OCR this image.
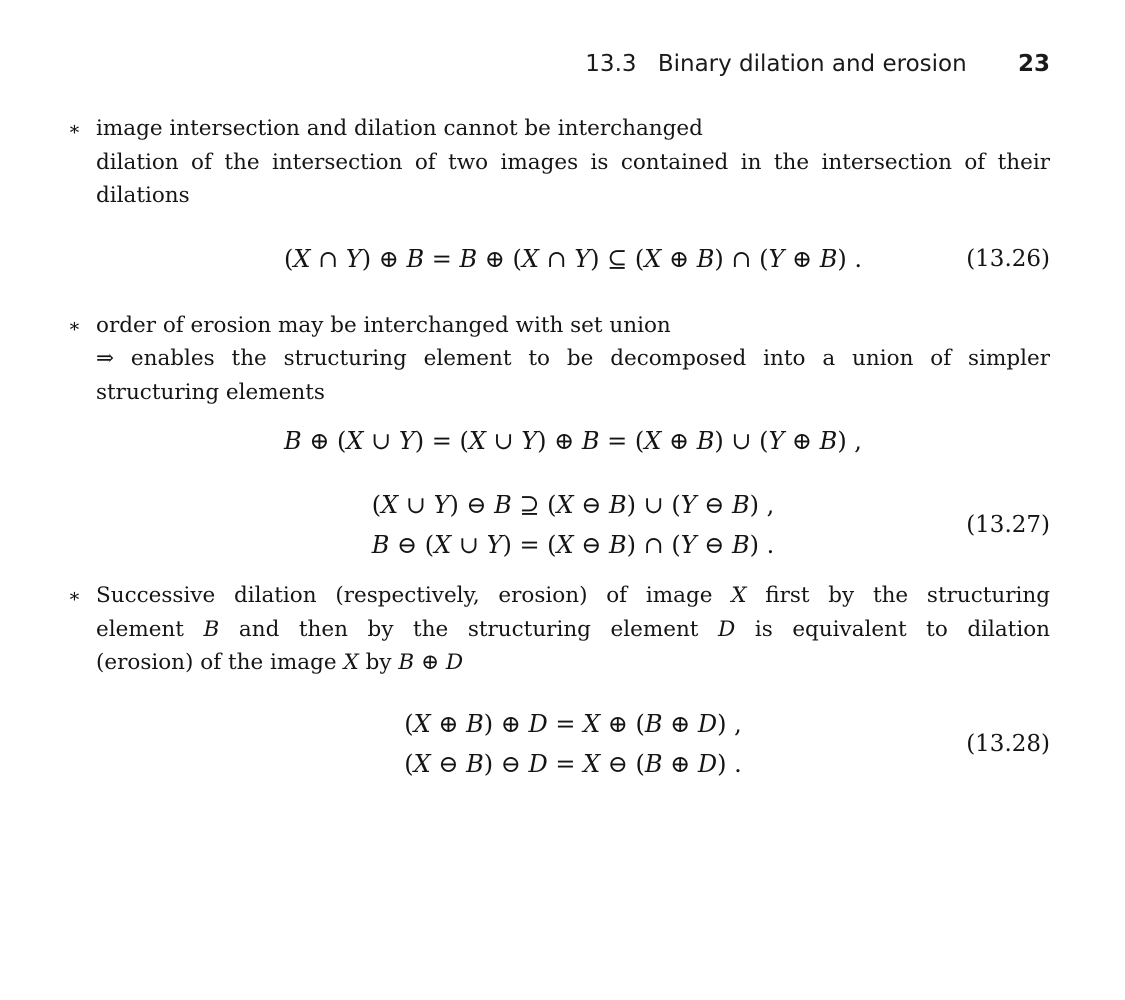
13.3 Binary dilation and erosion 23
∗ image intersection and dilation cannot be interchanged
dilation of the intersection of two images is contained in the intersection of their
dilations
(X ∩ Y) ⊕ B = B ⊕ (X ∩ Y) ⊆ (X ⊕ B) ∩ (Y ⊕ B) .	(13.26)
∗ order of erosion may be interchanged with set union
⇒ enables the structuring element to be decomposed into a union of simpler
structuring elements
B ⊕ (X ∪ Y) = (X ∪ Y) ⊕ B = (X ⊕ B) ∪ (Y ⊕ B) ,
(X ∪ Y) ⊖ B ⊇ (X ⊖ B) ∪ (Y ⊖ B) ,
B ⊖ (X ∪ Y) = (X ⊖ B) ∩ (Y ⊖ B) .
(13.27)
∗ Successive dilation (respectively, erosion) of image X first by the structuring
element B and then by the structuring element D is equivalent to dilation
(erosion) of the image X by B ⊕ D
(X ⊕ B) ⊕ D = X ⊕ (B ⊕ D) ,
(X ⊖ B) ⊖ D = X ⊖ (B ⊕ D) .
(13.28)
